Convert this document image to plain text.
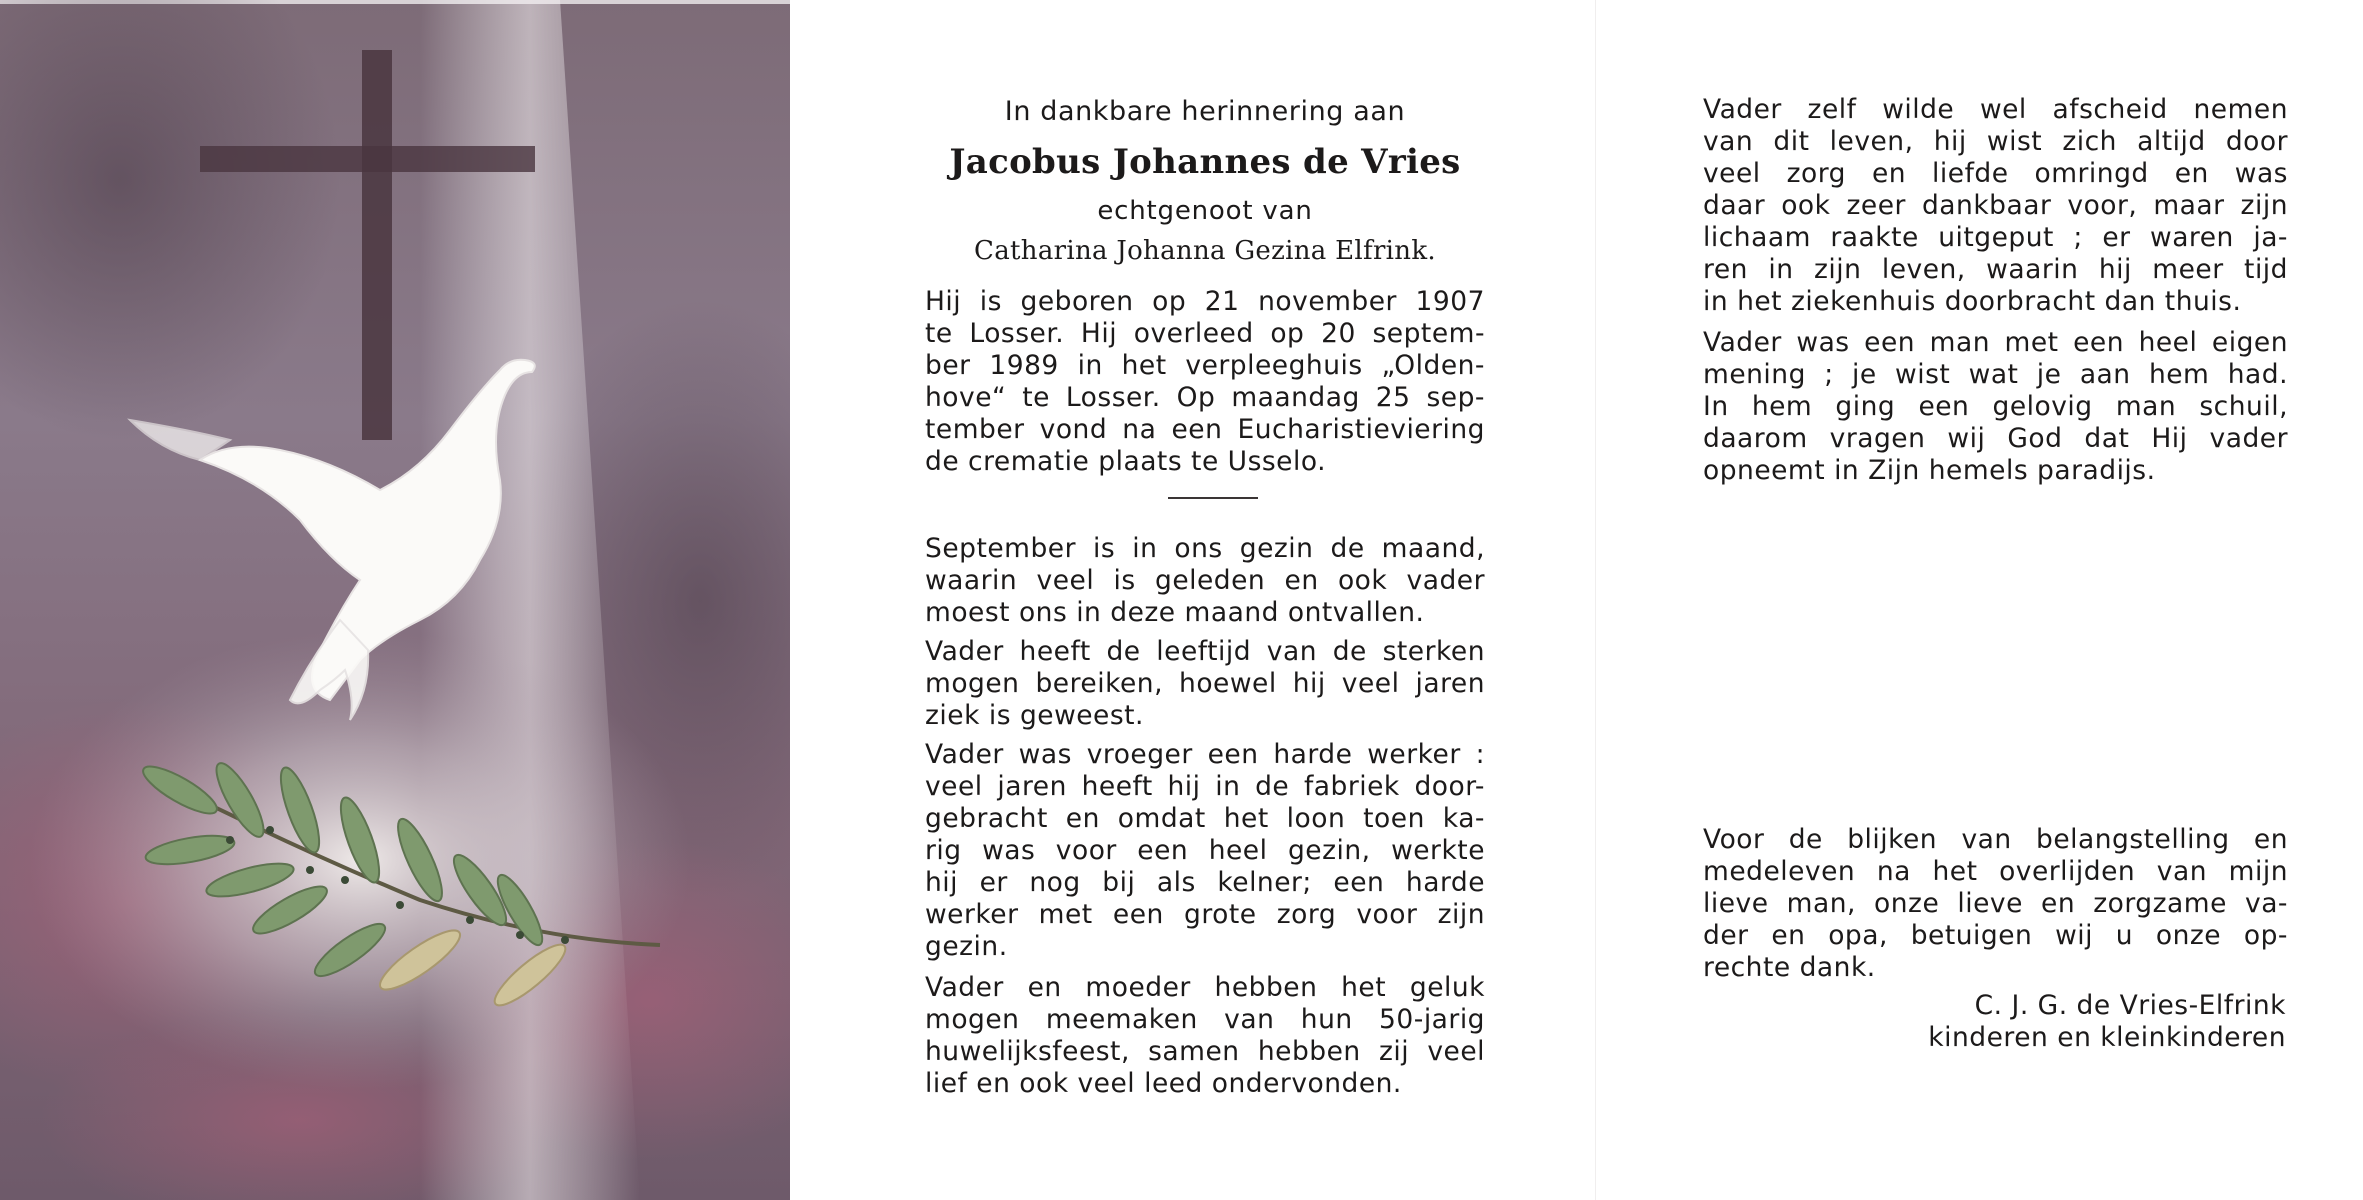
In dankbare herinnering aan
Jacobus Johannes de Vries
echtgenoot van
Catharina Johanna Gezina Elfrink.
Hij is geboren op 21 november 1907
te Losser. Hij overleed op 20 septem-
ber 1989 in het verpleeghuis „Olden-
hove“ te Losser. Op maandag 25 sep-
tember vond na een Eucharistieviering
de crematie plaats te Usselo.
September is in ons gezin de maand,
waarin veel is geleden en ook vader
moest ons in deze maand ontvallen.
Vader heeft de leeftijd van de sterken
mogen bereiken, hoewel hij veel jaren
ziek is geweest.
Vader was vroeger een harde werker :
veel jaren heeft hij in de fabriek door-
gebracht en omdat het loon toen ka-
rig was voor een heel gezin, werkte
hij er nog bij als kelner; een harde
werker met een grote zorg voor zijn
gezin.
Vader en moeder hebben het geluk
mogen meemaken van hun 50-jarig
huwelijksfeest, samen hebben zij veel
lief en ook veel leed ondervonden.
Vader zelf wilde wel afscheid nemen
van dit leven, hij wist zich altijd door
veel zorg en liefde omringd en was
daar ook zeer dankbaar voor, maar zijn
lichaam raakte uitgeput ; er waren ja-
ren in zijn leven, waarin hij meer tijd
in het ziekenhuis doorbracht dan thuis.
Vader was een man met een heel eigen
mening ; je wist wat je aan hem had.
In hem ging een gelovig man schuil,
daarom vragen wij God dat Hij vader
opneemt in Zijn hemels paradijs.
Voor de blijken van belangstelling en
medeleven na het overlijden van mijn
lieve man, onze lieve en zorgzame va-
der en opa, betuigen wij u onze op-
rechte dank.
C. J. G. de Vries-Elfrink
kinderen en kleinkinderen
